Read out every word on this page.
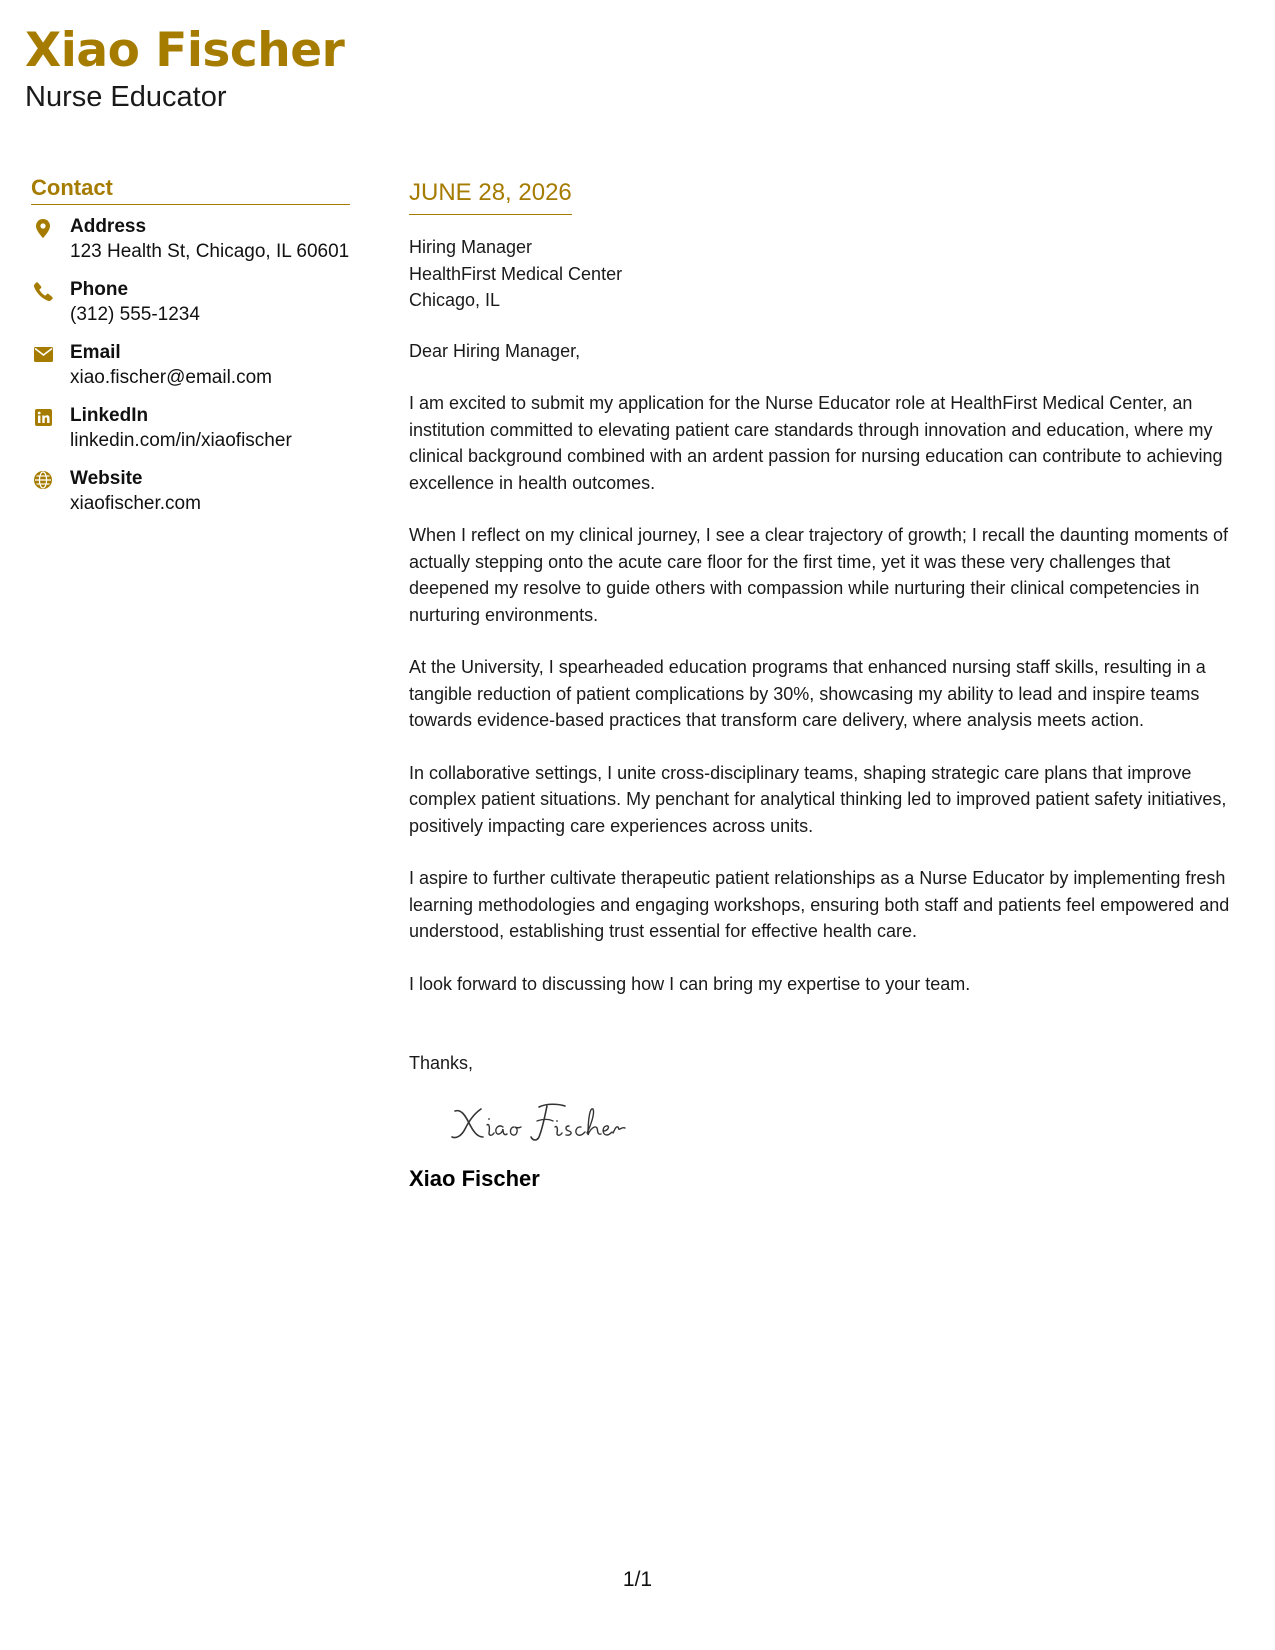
Xiao Fischer
Nurse Educator
Contact
Address
123 Health St, Chicago, IL 60601
Phone
(312) 555-1234
Email
xiao.fischer@email.com
LinkedIn
linkedin.com/in/xiaofischer
Website
xiaofischer.com
JUNE 28, 2026
Hiring Manager
HealthFirst Medical Center
Chicago, IL
Dear Hiring Manager,
I am excited to submit my application for the Nurse Educator role at HealthFirst Medical Center, an institution committed to elevating patient care standards through innovation and education, where my clinical background combined with an ardent passion for nursing education can contribute to achieving excellence in health outcomes.
When I reflect on my clinical journey, I see a clear trajectory of growth; I recall the daunting moments of actually stepping onto the acute care floor for the first time, yet it was these very challenges that deepened my resolve to guide others with compassion while nurturing their clinical competencies in nurturing environments.
At the University, I spearheaded education programs that enhanced nursing staff skills, resulting in a tangible reduction of patient complications by 30%, showcasing my ability to lead and inspire teams towards evidence-based practices that transform care delivery, where analysis meets action.
In collaborative settings, I unite cross-disciplinary teams, shaping strategic care plans that improve complex patient situations. My penchant for analytical thinking led to improved patient safety initiatives, positively impacting care experiences across units.
I aspire to further cultivate therapeutic patient relationships as a Nurse Educator by implementing fresh learning methodologies and engaging workshops, ensuring both staff and patients feel empowered and understood, establishing trust essential for effective health care.
I look forward to discussing how I can bring my expertise to your team.
Thanks,
Xiao Fischer
1/1
